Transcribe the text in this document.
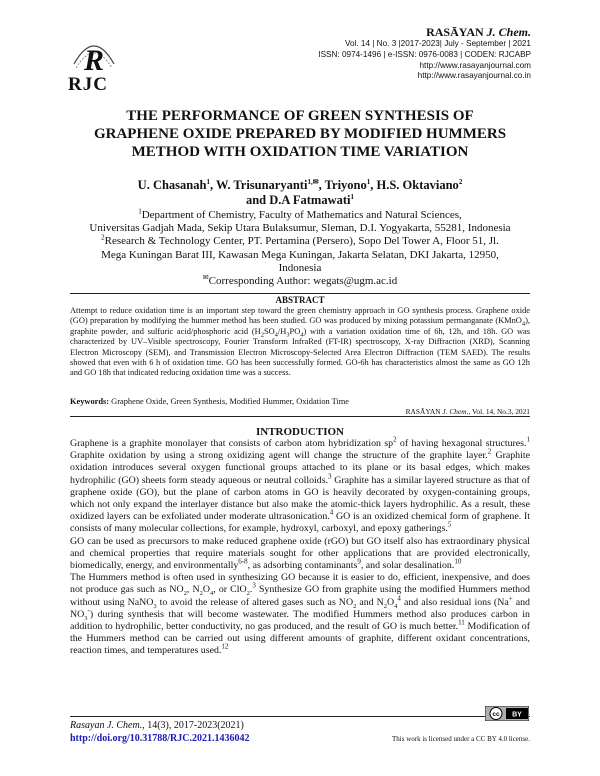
R
RJC
RASĀYAN J. Chem.
Vol. 14 | No. 3 |2017-2023| July - September | 2021
ISSN: 0974-1496 | e-ISSN: 0976-0083 | CODEN: RJCABP
http://www.rasayanjournal.com
http://www.rasayanjournal.co.in
THE PERFORMANCE OF GREEN SYNTHESIS OF
GRAPHENE OXIDE PREPARED BY MODIFIED HUMMERS
METHOD WITH OXIDATION TIME VARIATION
U. Chasanah$^1$, W. Trisunaryanti$^{1,✉}$, Triyono$^1$, H.S. Oktaviano$^2$
and D.A Fatmawati$^1$
$^1$Department of Chemistry, Faculty of Mathematics and Natural Sciences,
Universitas Gadjah Mada, Sekip Utara Bulaksumur, Sleman, D.I. Yogyakarta, 55281, Indonesia
$^2$Research & Technology Center, PT. Pertamina (Persero), Sopo Del Tower A, Floor 51, Jl.
Mega Kuningan Barat III, Kawasan Mega Kuningan, Jakarta Selatan, DKI Jakarta, 12950,
Indonesia
✉Corresponding Author: wegats@ugm.ac.id
ABSTRACT
Attempt to reduce oxidation time is an important step toward the green chemistry approach in GO synthesis process. Graphene oxide (GO) preparation by modifying the hummer method has been studied. GO was produced by mixing potassium permanganate (KMnO$_4$), graphite powder, and sulfuric acid/phosphoric acid $(H_2SO_4/H_3PO_4)$ with a variation oxidation time of 6h, 12h, and 18h. GO was characterized by UV–Visible spectroscopy, Fourier Transform InfraRed (FT-IR) spectroscopy, X-ray Diffraction (XRD), Scanning Electron Microscopy (SEM), and Transmission Electron Microscopy-Selected Area Electron Diffraction (TEM SAED). The results showed that even with 6 h of oxidation time. GO has been successfully formed. GO-6h has characteristics almost the same as GO 12h and GO 18h that indicated reducing oxidation time was a success.
Keywords: Graphene Oxide, Green Synthesis, Modified Hummer, Oxidation Time
RASĀYAN J. Chem., Vol. 14, No.3, 2021
INTRODUCTION

Graphene is a graphite monolayer that consists of carbon atom hybridization $sp^2$ of having hexagonal structures.$^1$ Graphite oxidation by using a strong oxidizing agent will change the structure of the graphite layer.$^2$ Graphite oxidation introduces several oxygen functional groups attached to its plane or its basal edges, which makes hydrophilic (GO) sheets form steady aqueous or neutral colloids.$^3$ Graphite has a similar layered structure as that of graphene oxide (GO), but the plane of carbon atoms in GO is heavily decorated by oxygen-containing groups, which not only expand the interlayer distance but also make the atomic-thick layers hydrophilic. As a result, these oxidized layers can be exfoliated under moderate ultrasonication.$^4$ GO is an oxidized chemical form of graphene. It consists of many molecular collections, for example, hydroxyl, carboxyl, and epoxy gatherings.$^5$

GO can be used as precursors to make reduced graphene oxide (rGO) but GO itself also has extraordinary physical and chemical properties that require materials sought for other applications that are provided electronically, biomedically, energy, and environmentally$^{6-8}$, as adsorbing contaminants$^9$, and solar desalination.$^{10}$

The Hummers method is often used in synthesizing GO because it is easier to do, efficient, inexpensive, and does not produce gas such as $NO_2$, $N_2O_4$, or ClO$_2$.$^3$ Synthesize GO from graphite using the modified Hummers method without using NaNO$_3$ to avoid the release of altered gases such as $NO_2$ and $N_2O_4^4$ and also residual ions (Na+ and $NO_3^-$) during synthesis that will become wastewater. The modified Hummers method also produces carbon in addition to hydrophilic, better conductivity, no gas produced, and the result of GO is much better.$^{11}$ Modification of the Hummers method can be carried out using different amounts of graphite, different oxidant concentrations, reaction times, and temperatures used.$^{12}$

Rasayan J. Chem., 14(3), 2017-2023(2021)
http://doi.org/10.31788/RJC.2021.1436042
cc BY
This work is licensed under a CC BY 4.0 license.
